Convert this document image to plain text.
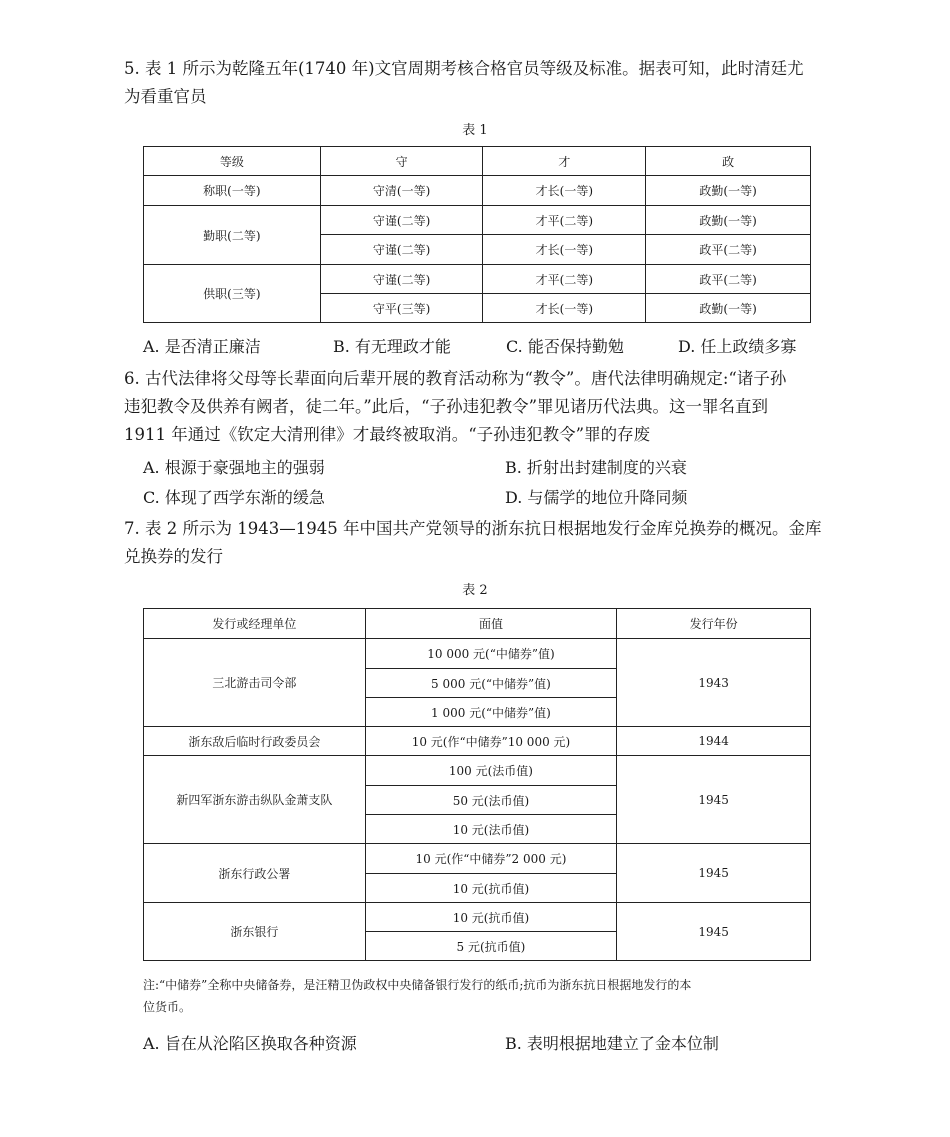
5. 表 1 所示为乾隆五年(1740 年)文官周期考核合格官员等级及标准。据表可知，此时清廷尤
为看重官员
表 1
等级	守	才	政
称职(一等)	守清(一等)	才长(一等)	政勤(一等)
勤职(二等)	守谨(二等)	才平(二等)	政勤(一等)
	守谨(二等)	才长(一等)	政平(二等)
供职(三等)	守谨(二等)	才平(二等)	政平(二等)
	守平(三等)	才长(一等)	政勤(一等)
A. 是否清正廉洁	B. 有无理政才能	C. 能否保持勤勉	D. 任上政绩多寡
6. 古代法律将父母等长辈面向后辈开展的教育活动称为“教令”。唐代法律明确规定:“诸子孙
违犯教令及供养有阙者，徒二年。”此后，“子孙违犯教令”罪见诸历代法典。这一罪名直到
1911 年通过《钦定大清刑律》才最终被取消。“子孙违犯教令”罪的存废
A. 根源于豪强地主的强弱	B. 折射出封建制度的兴衰
C. 体现了西学东渐的缓急	D. 与儒学的地位升降同频
7. 表 2 所示为 1943—1945 年中国共产党领导的浙东抗日根据地发行金库兑换券的概况。金库
兑换券的发行
表 2
发行或经理单位	面值	发行年份
三北游击司令部	10 000 元(“中储券”值)	1943
	5 000 元(“中储券”值)	
	1 000 元(“中储券”值)	
浙东敌后临时行政委员会	10 元(作“中储券”10 000 元)	1944
新四军浙东游击纵队金萧支队	100 元(法币值)	1945
	50 元(法币值)	
	10 元(法币值)	
浙东行政公署	10 元(作“中储券”2 000 元)	1945
	10 元(抗币值)	
浙东银行	10 元(抗币值)	1945
	5 元(抗币值)	
注:“中储券”全称中央储备券，是汪精卫伪政权中央储备银行发行的纸币;抗币为浙东抗日根据地发行的本
位货币。
A. 旨在从沦陷区换取各种资源	B. 表明根据地建立了金本位制
